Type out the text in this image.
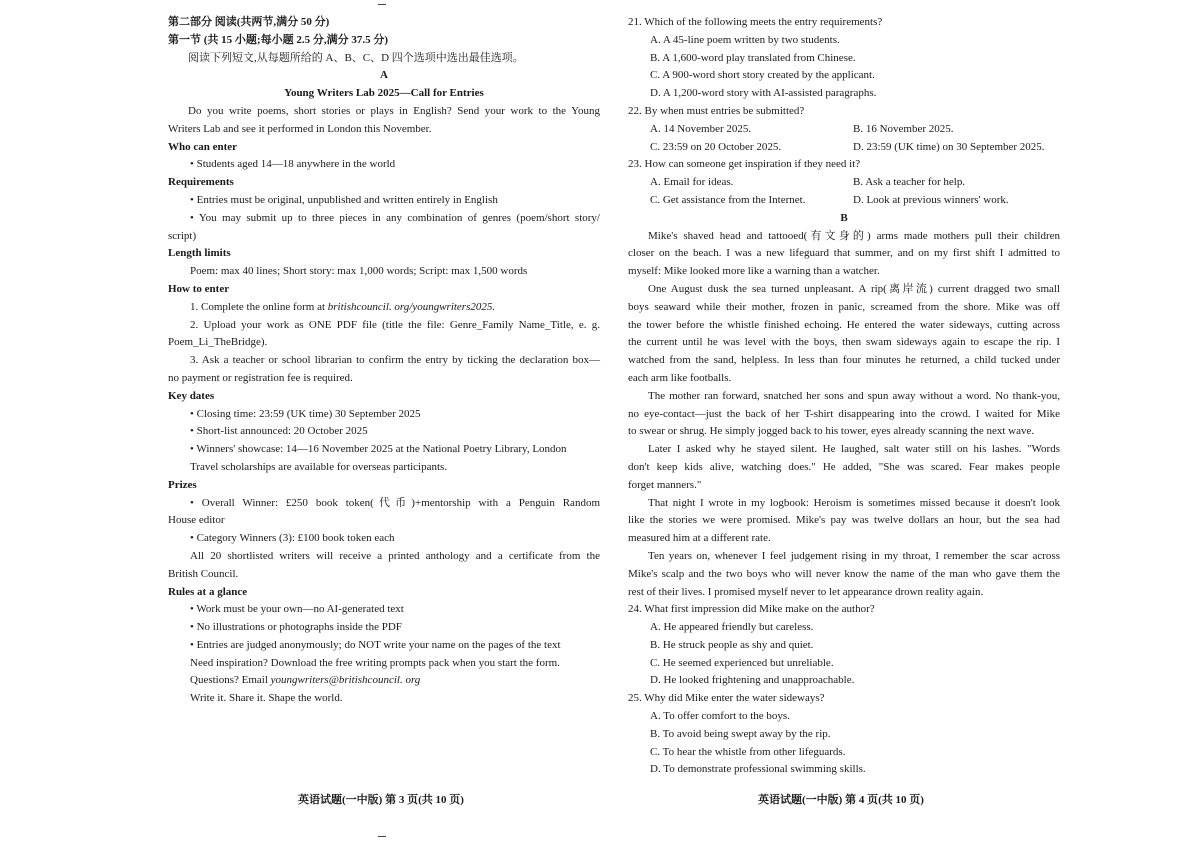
第二部分 阅读(共两节,满分 50 分)
第一节 (共 15 小题;每小题 2.5 分,满分 37.5 分)
阅读下列短文,从每题所给的 A、B、C、D 四个选项中选出最佳选项。
A
Young Writers Lab 2025—Call for Entries
Do you write poems, short stories or plays in English? Send your work to the Young
Writers Lab and see it performed in London this November.
Who can enter
• Students aged 14—18 anywhere in the world
Requirements
• Entries must be original, unpublished and written entirely in English
• You may submit up to three pieces in any combination of genres (poem/short story/
script)
Length limits
Poem: max 40 lines; Short story: max 1,000 words; Script: max 1,500 words
How to enter
1. Complete the online form at britishcouncil. org/youngwriters2025.
2. Upload your work as ONE PDF file (title the file: Genre_Family Name_Title, e. g.
Poem_Li_TheBridge).
3. Ask a teacher or school librarian to confirm the entry by ticking the declaration box—
no payment or registration fee is required.
Key dates
• Closing time: 23:59 (UK time) 30 September 2025
• Short-list announced: 20 October 2025
• Winners' showcase: 14—16 November 2025 at the National Poetry Library, London
Travel scholarships are available for overseas participants.
Prizes
• Overall Winner: £250 book token(代币)+mentorship with a Penguin Random
House editor
• Category Winners (3): £100 book token each
All 20 shortlisted writers will receive a printed anthology and a certificate from the
British Council.
Rules at a glance
• Work must be your own—no AI-generated text
• No illustrations or photographs inside the PDF
• Entries are judged anonymously; do NOT write your name on the pages of the text
Need inspiration? Download the free writing prompts pack when you start the form.
Questions? Email youngwriters@britishcouncil. org
Write it. Share it. Shape the world.
21. Which of the following meets the entry requirements?
A. A 45-line poem written by two students.
B. A 1,600-word play translated from Chinese.
C. A 900-word short story created by the applicant.
D. A 1,200-word story with AI-assisted paragraphs.
22. By when must entries be submitted?
A. 14 November 2025.	B. 16 November 2025.
C. 23:59 on 20 October 2025.	D. 23:59 (UK time) on 30 September 2025.
23. How can someone get inspiration if they need it?
A. Email for ideas.	B. Ask a teacher for help.
C. Get assistance from the Internet.	D. Look at previous winners' work.
B
Mike's shaved head and tattooed(有文身的) arms made mothers pull their children
closer on the beach. I was a new lifeguard that summer, and on my first shift I admitted to
myself: Mike looked more like a warning than a watcher.
One August dusk the sea turned unpleasant. A rip(离岸流) current dragged two small
boys seaward while their mother, frozen in panic, screamed from the shore. Mike was off
the tower before the whistle finished echoing. He entered the water sideways, cutting across
the current until he was level with the boys, then swam sideways again to escape the rip. I
watched from the sand, helpless. In less than four minutes he returned, a child tucked under
each arm like footballs.
The mother ran forward, snatched her sons and spun away without a word. No thank-you,
no eye-contact—just the back of her T-shirt disappearing into the crowd. I waited for Mike
to swear or shrug. He simply jogged back to his tower, eyes already scanning the next wave.
Later I asked why he stayed silent. He laughed, salt water still on his lashes. "Words
don't keep kids alive, watching does." He added, "She was scared. Fear makes people
forget manners."
That night I wrote in my logbook: Heroism is sometimes missed because it doesn't look
like the stories we were promised. Mike's pay was twelve dollars an hour, but the sea had
measured him at a different rate.
Ten years on, whenever I feel judgement rising in my throat, I remember the scar across
Mike's scalp and the two boys who will never know the name of the man who gave them the
rest of their lives. I promised myself never to let appearance drown reality again.
24. What first impression did Mike make on the author?
A. He appeared friendly but careless.
B. He struck people as shy and quiet.
C. He seemed experienced but unreliable.
D. He looked frightening and unapproachable.
25. Why did Mike enter the water sideways?
A. To offer comfort to the boys.
B. To avoid being swept away by the rip.
C. To hear the whistle from other lifeguards.
D. To demonstrate professional swimming skills.
英语试题(一中版) 第 3 页(共 10 页)	英语试题(一中版) 第 4 页(共 10 页)
